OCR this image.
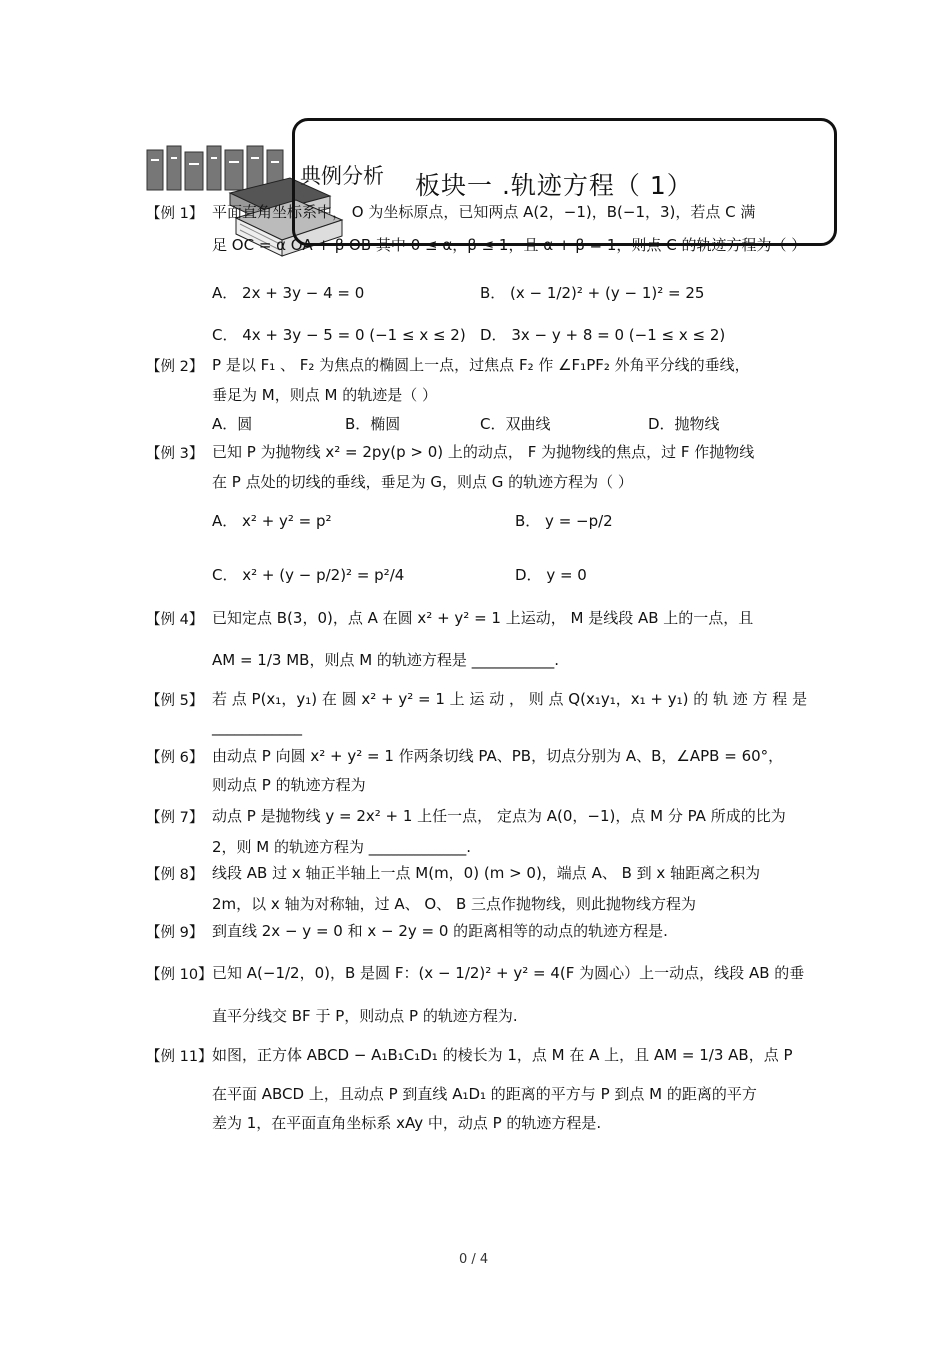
典例分析 板块一 .轨迹方程（ 1）
【例 1】 平面直角坐标系中， O 为坐标原点，已知两点 A(2，−1)，B(−1，3)，若点 C 满
足 OC = α OA + β OB 其中 0 ≤ α，β ≤ 1，且 α + β = 1，则点 C 的轨迹方程为（ ）
A． 2x + 3y − 4 = 0	B． (x − 1/2)² + (y − 1)² = 25
C． 4x + 3y − 5 = 0 (−1 ≤ x ≤ 2) D． 3x − y + 8 = 0 (−1 ≤ x ≤ 2)
【例 2】 P 是以 F₁ 、 F₂ 为焦点的椭圆上一点，过焦点 F₂ 作 ∠F₁PF₂ 外角平分线的垂线，
垂足为 M，则点 M 的轨迹是（ ）
A．圆	B．椭圆	C．双曲线	D．抛物线
【例 3】 已知 P 为抛物线 x² = 2py(p > 0) 上的动点， F 为抛物线的焦点，过 F 作抛物线
在 P 点处的切线的垂线，垂足为 G，则点 G 的轨迹方程为（ ）
A． x² + y² = p²	B． y = −p/2
C． x² + (y − p/2)² = p²/4	D． y = 0
【例 4】 已知定点 B(3，0)，点 A 在圆 x² + y² = 1 上运动， M 是线段 AB 上的一点，且
AM = 1/3 MB，则点 M 的轨迹方程是 ___________.
【例 5】 若 点 P(x₁，y₁) 在 圆 x² + y² = 1 上 运 动 ， 则 点 Q(x₁y₁，x₁ + y₁) 的 轨 迹 方 程 是
____________
【例 6】 由动点 P 向圆 x² + y² = 1 作两条切线 PA、PB，切点分别为 A、B，∠APB = 60°，
则动点 P 的轨迹方程为
【例 7】 动点 P 是抛物线 y = 2x² + 1 上任一点， 定点为 A(0，−1)，点 M 分 PA 所成的比为
2，则 M 的轨迹方程为 _____________.
【例 8】 线段 AB 过 x 轴正半轴上一点 M(m，0) (m > 0)，端点 A、 B 到 x 轴距离之积为
2m，以 x 轴为对称轴，过 A、 O、 B 三点作抛物线，则此抛物线方程为
【例 9】 到直线 2x − y = 0 和 x − 2y = 0 的距离相等的动点的轨迹方程是.
【例 10】 已知 A(−1/2，0)，B 是圆 F：(x − 1/2)² + y² = 4(F 为圆心）上一动点，线段 AB 的垂
直平分线交 BF 于 P，则动点 P 的轨迹方程为.
【例 11】 如图，正方体 ABCD − A₁B₁C₁D₁ 的棱长为 1，点 M 在 A 上，且 AM = 1/3 AB，点 P
在平面 ABCD 上，且动点 P 到直线 A₁D₁ 的距离的平方与 P 到点 M 的距离的平方
差为 1，在平面直角坐标系 xAy 中，动点 P 的轨迹方程是.
0 / 4
